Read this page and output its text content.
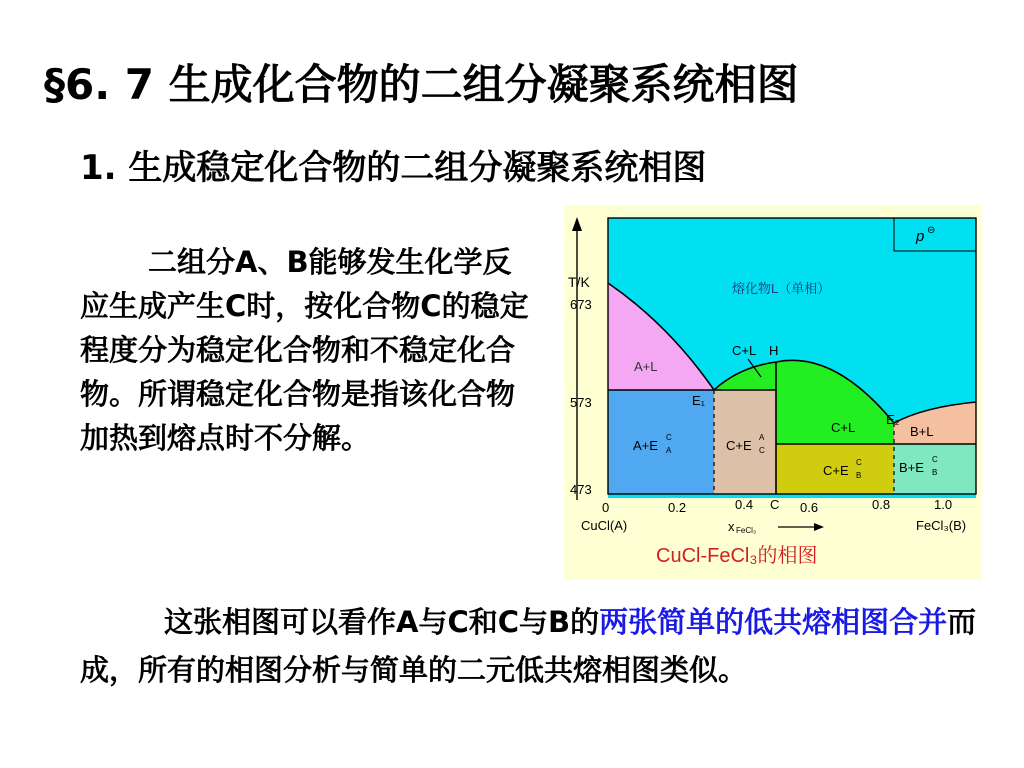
§6. 7 生成化合物的二组分凝聚系统相图
1. 生成稳定化合物的二组分凝聚系统相图
二组分A、B能够发生化学反应生成产生C时，按化合物C的稳定程度分为稳定化合物和不稳定化合物。所谓稳定化合物是指该化合物加热到熔点时不分解。
p ⊖
T/K
673
573
473
0	0.2	0.4 C 0.6	0.8	1.0
CuCl(A)	FeCl₃(B)
x FeCl₃
熔化物L（单相）
A+L
C+L H
E₁
E₂
C+L	B+L
A+E
C
A	C+E
A
C
C+E
C
B
B+E
C
B
CuCl-FeCl₃的相图
这张相图可以看作A与C和C与B的两张简单的低共熔相图合并而成，所有的相图分析与简单的二元低共熔相图类似。
